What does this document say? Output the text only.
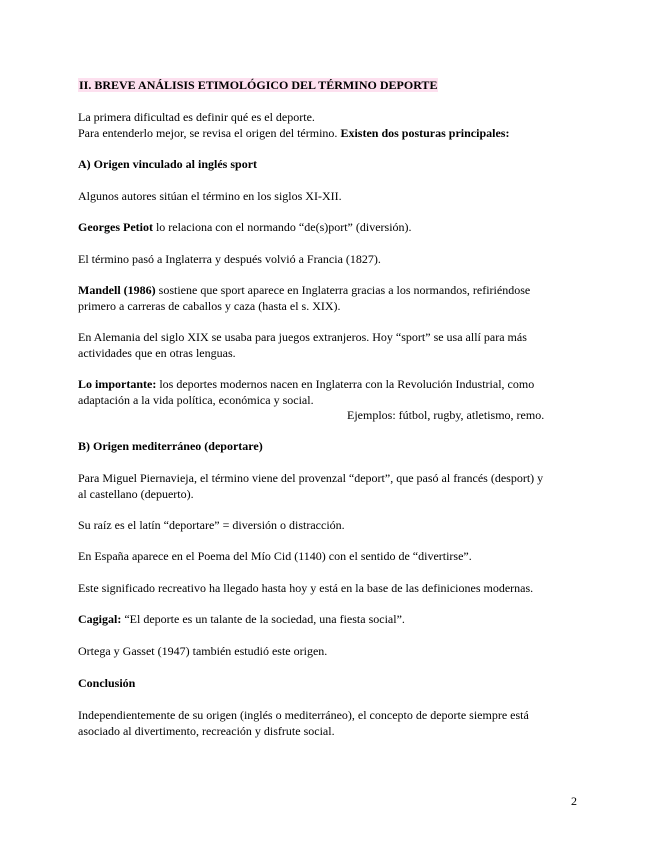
II. BREVE ANÁLISIS ETIMOLÓGICO DEL TÉRMINO DEPORTE
La primera dificultad es definir qué es el deporte.
Para entenderlo mejor, se revisa el origen del término. Existen dos posturas principales:
A) Origen vinculado al inglés sport
Algunos autores sitúan el término en los siglos XI-XII.
Georges Petiot lo relaciona con el normando “de(s)port” (diversión).
El término pasó a Inglaterra y después volvió a Francia (1827).
Mandell (1986) sostiene que sport aparece en Inglaterra gracias a los normandos, refiriéndose
primero a carreras de caballos y caza (hasta el s. XIX).
En Alemania del siglo XIX se usaba para juegos extranjeros. Hoy “sport” se usa allí para más
actividades que en otras lenguas.
Lo importante: los deportes modernos nacen en Inglaterra con la Revolución Industrial, como
adaptación a la vida política, económica y social.
Ejemplos: fútbol, rugby, atletismo, remo.
B) Origen mediterráneo (deportare)
Para Miguel Piernavieja, el término viene del provenzal “deport”, que pasó al francés (desport) y
al castellano (depuerto).
Su raíz es el latín “deportare” = diversión o distracción.
En España aparece en el Poema del Mío Cid (1140) con el sentido de “divertirse”.
Este significado recreativo ha llegado hasta hoy y está en la base de las definiciones modernas.
Cagigal: “El deporte es un talante de la sociedad, una fiesta social”.
Ortega y Gasset (1947) también estudió este origen.
Conclusión
Independientemente de su origen (inglés o mediterráneo), el concepto de deporte siempre está
asociado al divertimento, recreación y disfrute social.
2
